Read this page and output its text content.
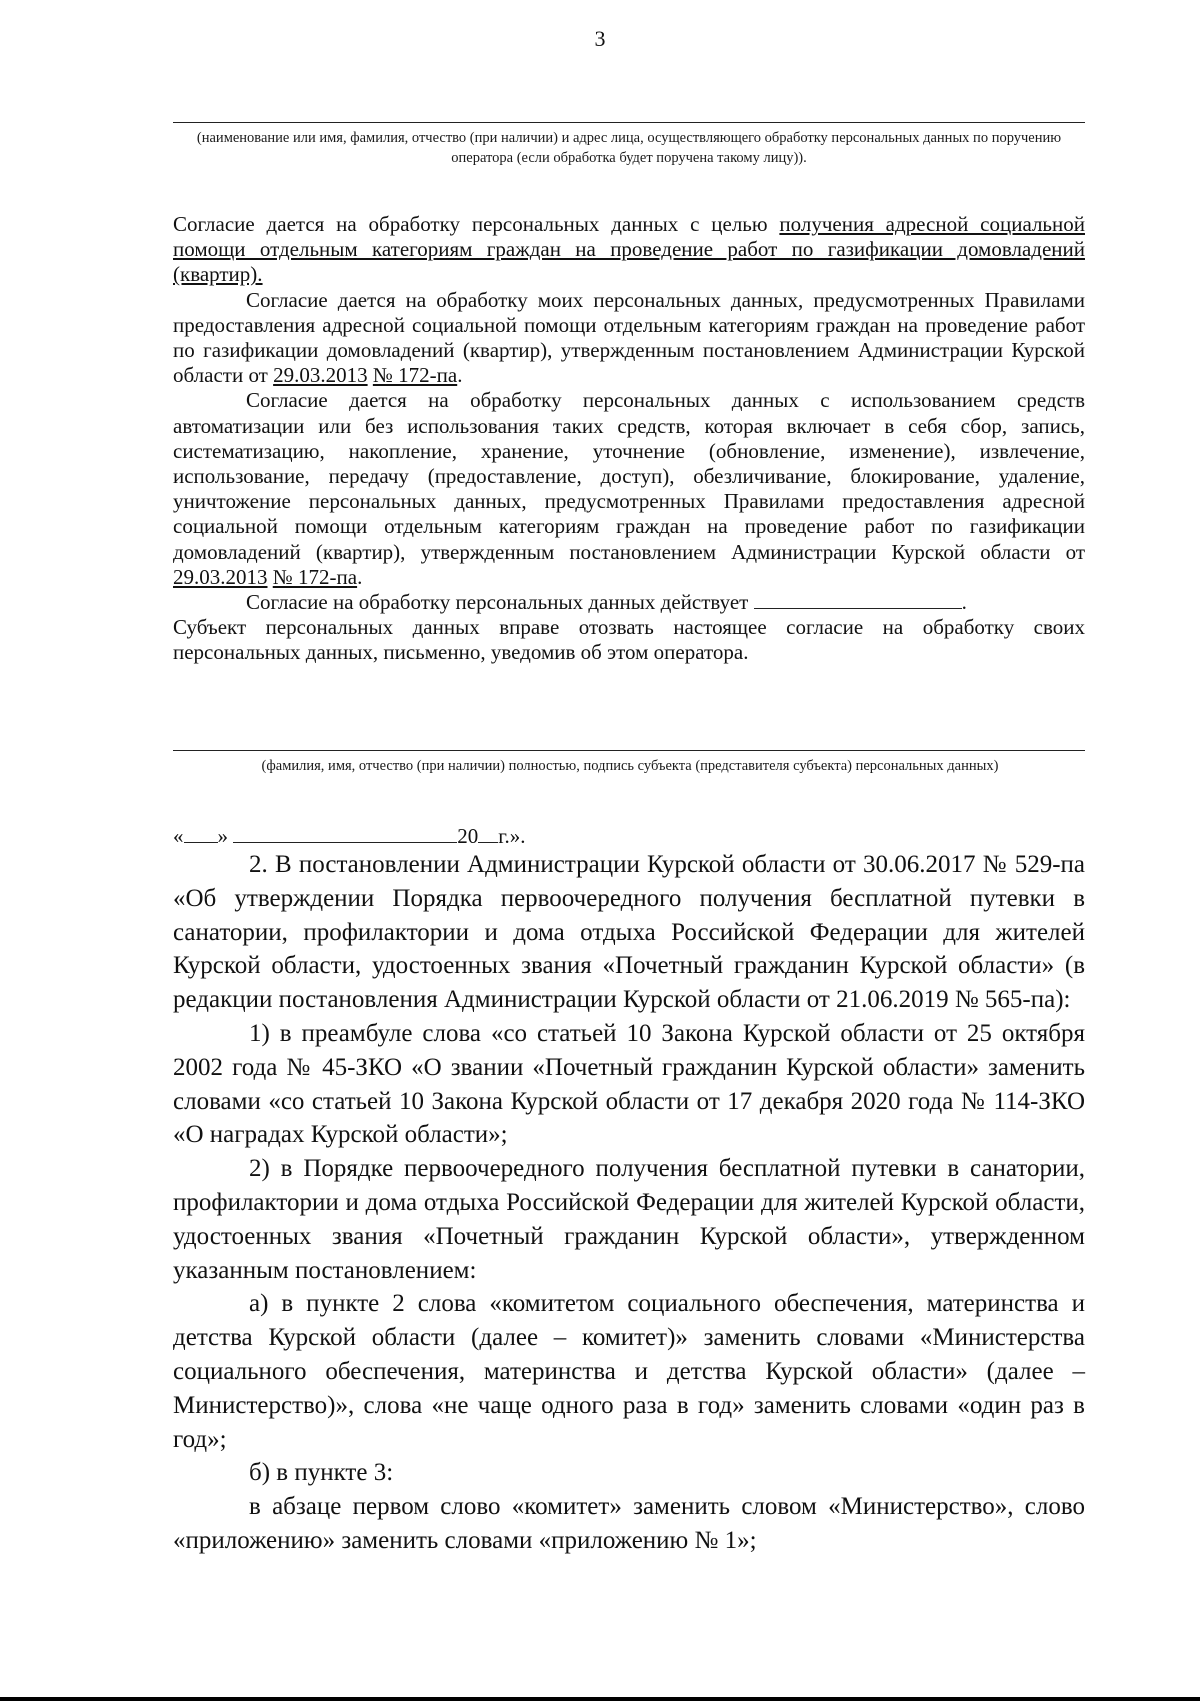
3
(наименование или имя, фамилия, отчество (при наличии) и адрес лица, осуществляющего обработку персональных данных по поручению оператора (если обработка будет поручена такому лицу)).

Согласие дается на обработку персональных данных с целью получения адресной социальной помощи отдельным категориям граждан на проведение работ по газификации домовладений (квартир).

Согласие дается на обработку моих персональных данных, предусмотренных Правилами предоставления адресной социальной помощи отдельным категориям граждан на проведение работ по газификации домовладений (квартир), утвержденным постановлением Администрации Курской области от 29.03.2013 № 172-па.

Согласие дается на обработку персональных данных с использованием средств автоматизации или без использования таких средств, которая включает в себя сбор, запись, систематизацию, накопление, хранение, уточнение (обновление, изменение), извлечение, использование, передачу (предоставление, доступ), обезличивание, блокирование, удаление, уничтожение персональных данных, предусмотренных Правилами предоставления адресной социальной помощи отдельным категориям граждан на проведение работ по газификации домовладений (квартир), утвержденным постановлением Администрации Курской области от 29.03.2013 № 172-па.

Согласие на обработку персональных данных действует	.

Субъект персональных данных вправе отозвать настоящее согласие на обработку своих персональных данных, письменно, уведомив об этом оператора.

(фамилия, имя, отчество (при наличии) полностью, подпись субъекта (представителя субъекта) персональных данных)
« »	20 г.».

2. В постановлении Администрации Курской области от 30.06.2017 № 529-па «Об утверждении Порядка первоочередного получения бесплатной путевки в санатории, профилактории и дома отдыха Российской Федерации для жителей Курской области, удостоенных звания «Почетный гражданин Курской области» (в редакции постановления Администрации Курской области от 21.06.2019 № 565-па):

1) в преамбуле слова «со статьей 10 Закона Курской области от 25 октября 2002 года № 45-ЗКО «О звании «Почетный гражданин Курской области» заменить словами «со статьей 10 Закона Курской области от 17 декабря 2020 года № 114-ЗКО «О наградах Курской области»;

2) в Порядке первоочередного получения бесплатной путевки в санатории, профилактории и дома отдыха Российской Федерации для жителей Курской области, удостоенных звания «Почетный гражданин Курской области», утвержденном указанным постановлением:

а) в пункте 2 слова «комитетом социального обеспечения, материнства и детства Курской области (далее – комитет)» заменить словами «Министерства социального обеспечения, материнства и детства Курской области» (далее – Министерство)», слова «не чаще одного раза в год» заменить словами «один раз в год»;

б) в пункте 3:

в абзаце первом слово «комитет» заменить словом «Министерство», слово «приложению» заменить словами «приложению № 1»;
